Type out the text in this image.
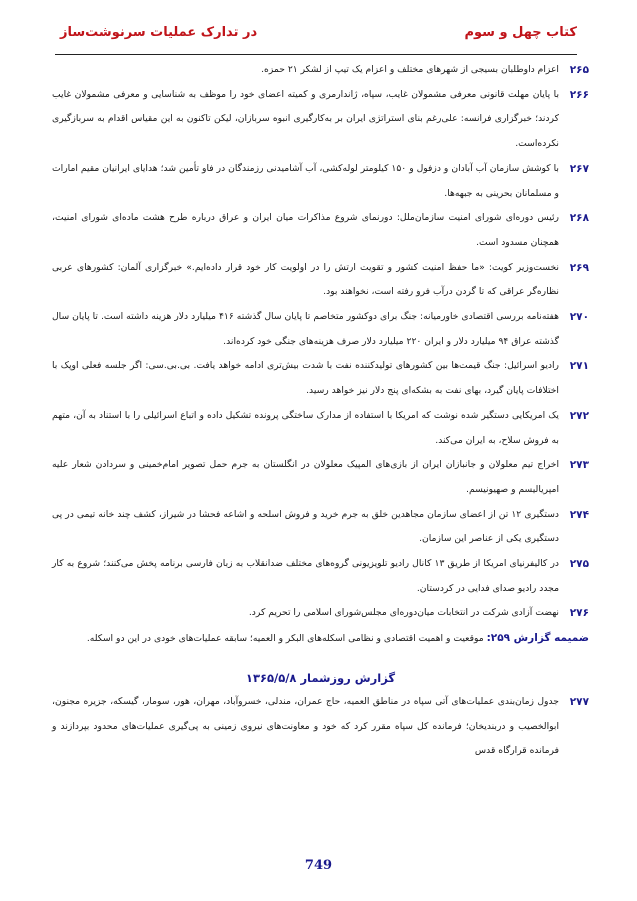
کتاب چهل و سوم
در تدارک عملیات سرنوشت‌ساز
۲۶۵
اعزام داوطلبان بسیجی از شهرهای مختلف و اعزام یک تیپ از لشکر ۲۱ حمزه.
۲۶۶
با پایان مهلت قانونی معرفی مشمولان غایب، سپاه، ژاندارمری و کمیته اعضای خود را موظف به شناسایی و معرفی مشمولان غایب کردند؛ خبرگزاری فرانسه: علی‌رغم بنای استراتژی ایران بر به‌کارگیری انبوه سربازان، لیکن تاکنون به این مقیاس اقدام به سربازگیری نکرده‌است.
۲۶۷
با کوشش سازمان آب آبادان و دزفول و ۱۵۰ کیلومتر لوله‌کشی، آب آشامیدنی رزمندگان در فاو تأمین شد؛ هدایای ایرانیان مقیم امارات و مسلمانان بحرینی به جبهه‌ها.
۲۶۸
رئیس دوره‌ای شورای امنیت سازمان‌ملل: دورنمای شروع مذاکرات میان ایران و عراق درباره طرح هشت ماده‌ای شورای امنیت، همچنان مسدود است.
۲۶۹
نخست‌وزیر کویت: «ما حفظ امنیت کشور و تقویت ارتش را در اولویت کار خود قرار داده‌ایم.» خبرگزاری آلمان: کشورهای عربی نظاره‌گر عراقی که تا گردن درآب فرو رفته است، نخواهند بود.
۲۷۰
هفته‌نامه بررسی اقتصادی خاورمیانه: جنگ برای دوکشور متخاصم تا پایان سال گذشته ۴۱۶ میلیارد دلار هزینه داشته است. تا پایان سال گذشته عراق ۹۴ میلیارد دلار و ایران ۲۲۰ میلیارد دلار صرف هزینه‌های جنگی خود کرده‌اند.
۲۷۱
رادیو اسرائیل: جنگ قیمت‌ها بین کشورهای تولیدکننده نفت با شدت بیش‌تری ادامه خواهد یافت. بی.بی.سی: اگر جلسه فعلی اوپک با اختلافات پایان گیرد، بهای نفت به بشکه‌ای پنج دلار نیز خواهد رسید.
۲۷۲
یک امریکایی دستگیر شده نوشت که امریکا با استفاده از مدارک ساختگی پرونده تشکیل داده و اتباع اسرائیلی را با استناد به آن، متهم به فروش سلاح، به ایران می‌کند.
۲۷۳
اخراج تیم معلولان و جانبازان ایران از بازی‌های المپیک معلولان در انگلستان به جرم حمل تصویر امام‌خمینی و سردادن شعار علیه امپریالیسم و صهیونیسم.
۲۷۴
دستگیری ۱۲ تن از اعضای سازمان مجاهدین خلق به جرم خرید و فروش اسلحه و اشاعه فحشا در شیراز، کشف چند خانه تیمی در پی دستگیری یکی از عناصر این سازمان.
۲۷۵
در کالیفرنیای امریکا از طریق ۱۳ کانال رادیو تلویزیونی گروه‌های مختلف ضدانقلاب به زبان فارسی برنامه پخش می‌کنند؛ شروع به کار مجدد رادیو صدای فدایی در کردستان.
۲۷۶
نهضت آزادی شرکت در انتخابات میان‌دوره‌ای مجلس‌شورای اسلامی را تحریم کرد.
ضمیمه گزارش ۲۵۹: موقعیت و اهمیت اقتصادی و نظامی اسکله‌های البکر و العمیه؛ سابقه عملیات‌های خودی در این دو اسکله.
گزارش روزشمار ۱۳۶۵/۵/۸
۲۷۷
جدول زمان‌بندی عملیات‌های آتی سپاه در مناطق العمیه، حاج عمران، مندلی، خسروآباد، مهران، هور، سومار، گیسکه، جزیره مجنون، ابوالخصیب و دربندیخان؛ فرمانده کل سپاه مقرر کرد که خود و معاونت‌های نیروی زمینی به پی‌گیری عملیات‌های محدود بپردازند و فرمانده قرارگاه قدس
749
